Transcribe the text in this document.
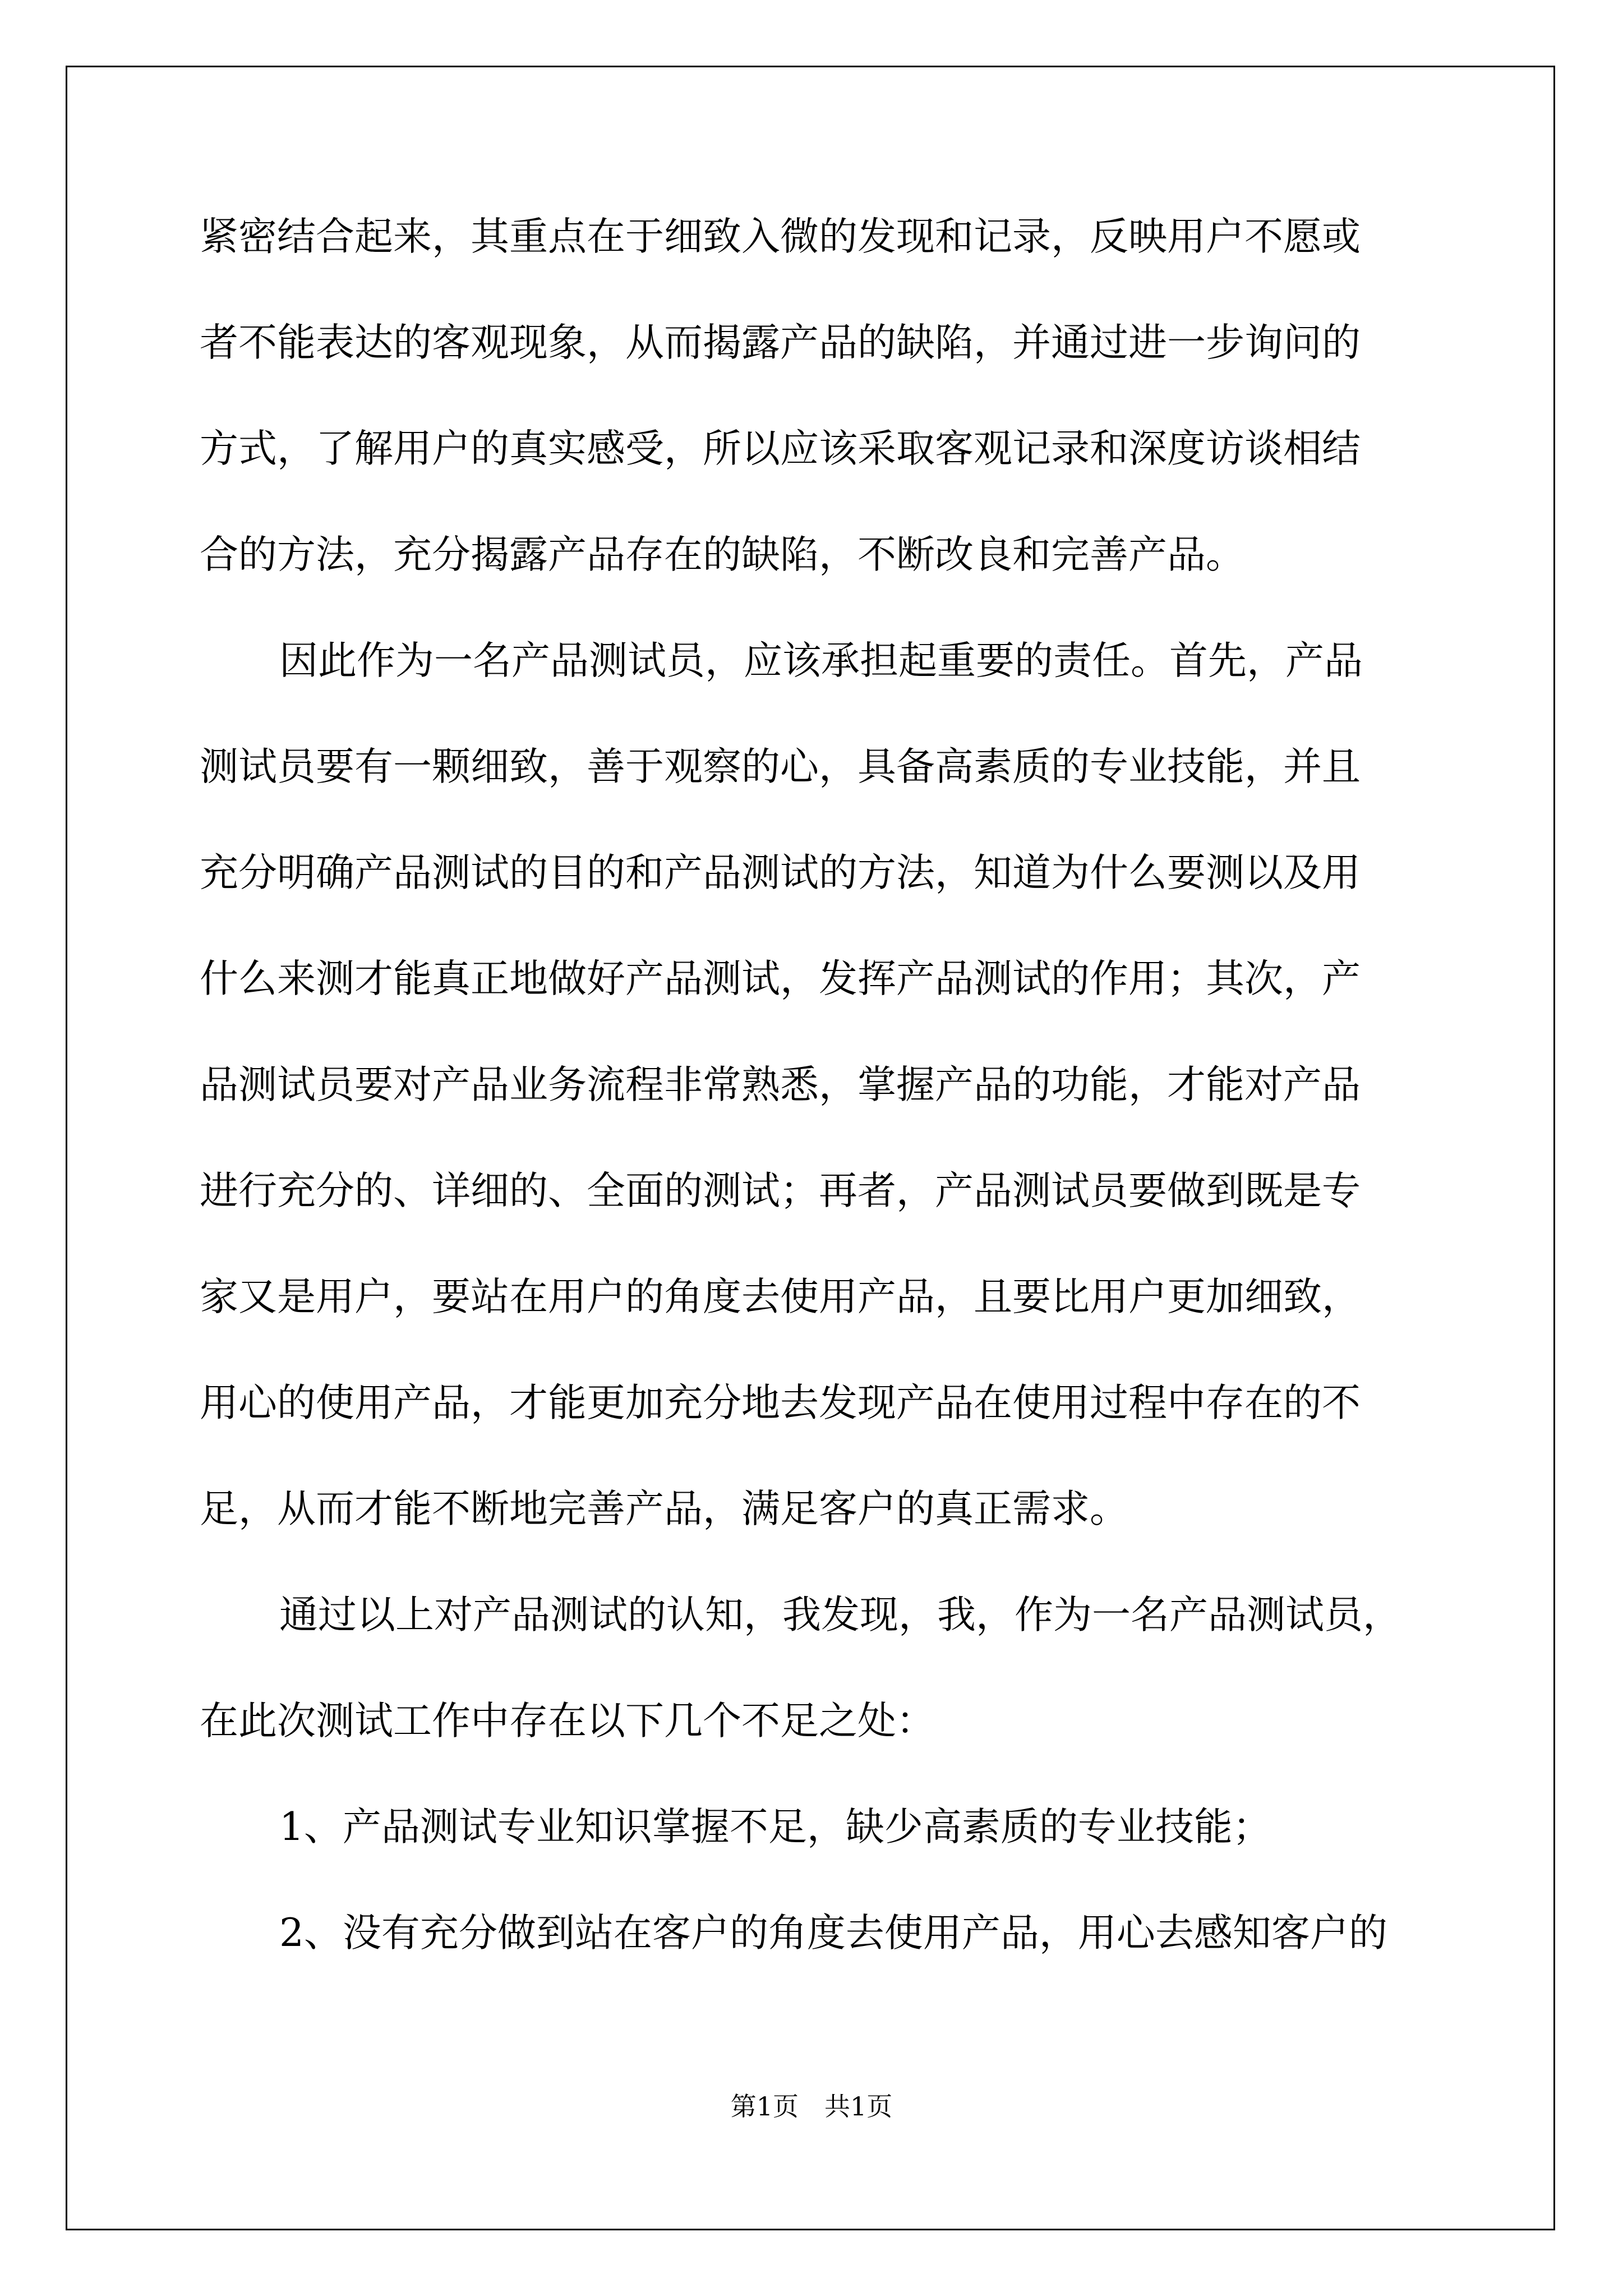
紧密结合起来，其重点在于细致入微的发现和记录，反映用户不愿或
者不能表达的客观现象，从而揭露产品的缺陷，并通过进一步询问的
方式，了解用户的真实感受，所以应该采取客观记录和深度访谈相结
合的方法，充分揭露产品存在的缺陷，不断改良和完善产品。
因此作为一名产品测试员，应该承担起重要的责任。首先，产品
测试员要有一颗细致，善于观察的心，具备高素质的专业技能，并且
充分明确产品测试的目的和产品测试的方法，知道为什么要测以及用
什么来测才能真正地做好产品测试，发挥产品测试的作用；其次，产
品测试员要对产品业务流程非常熟悉，掌握产品的功能，才能对产品
进行充分的、详细的、全面的测试；再者，产品测试员要做到既是专
家又是用户，要站在用户的角度去使用产品，且要比用户更加细致，
用心的使用产品，才能更加充分地去发现产品在使用过程中存在的不
足，从而才能不断地完善产品，满足客户的真正需求。
通过以上对产品测试的认知，我发现，我，作为一名产品测试员，
在此次测试工作中存在以下几个不足之处：
1、产品测试专业知识掌握不足，缺少高素质的专业技能；
2、没有充分做到站在客户的角度去使用产品，用心去感知客户的
第1页　共1页
